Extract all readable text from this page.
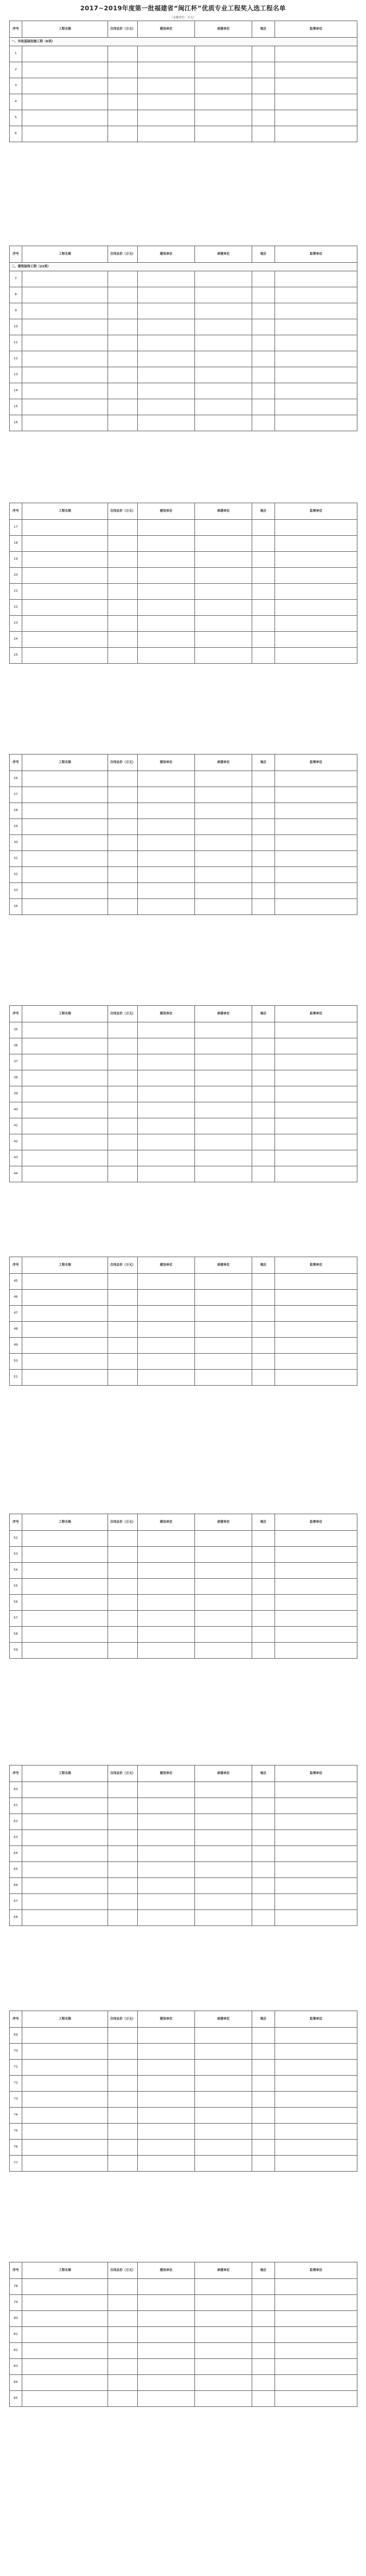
2017~2019年度第一批福建省“闽江杯”优质专业工程奖入选工程名单
（金额单位：万元）
序号	工程名称	合同总价（万元）	建设单位	承建单位	地区	监理单位
一、市政基础设施工程（6项）						
1						
2						
3						
4						
5						
6						
序号	工程名称	合同总价（万元）	建设单位	承建单位	地区	监理单位
二、建筑装饰工程（22项）						
7						
8						
9						
10						
11						
12						
13						
14						
15						
16						
序号	工程名称	合同总价（万元）	建设单位	承建单位	地区	监理单位
17						
18						
19						
20						
21						
22						
23						
24						
25						
序号	工程名称	合同总价（万元）	建设单位	承建单位	地区	监理单位
26						
27						
28						
29						
30						
31						
32						
33						
34						
序号	工程名称	合同总价（万元）	建设单位	承建单位	地区	监理单位
35						
36						
37						
38						
39						
40						
41						
42						
43						
44						
序号	工程名称	合同总价（万元）	建设单位	承建单位	地区	监理单位
45						
46						
47						
48						
49						
50						
51						
序号	工程名称	合同总价（万元）	建设单位	承建单位	地区	监理单位
52						
53						
54						
55						
56						
57						
58						
59						
序号	工程名称	合同总价（万元）	建设单位	承建单位	地区	监理单位
60						
61						
62						
63						
64						
65						
66						
67						
68						
序号	工程名称	合同总价（万元）	建设单位	承建单位	地区	监理单位
69						
70						
71						
72						
73						
74						
75						
76						
77						
序号	工程名称	合同总价（万元）	建设单位	承建单位	地区	监理单位
78						
79						
80						
81						
82						
83						
84						
85						
